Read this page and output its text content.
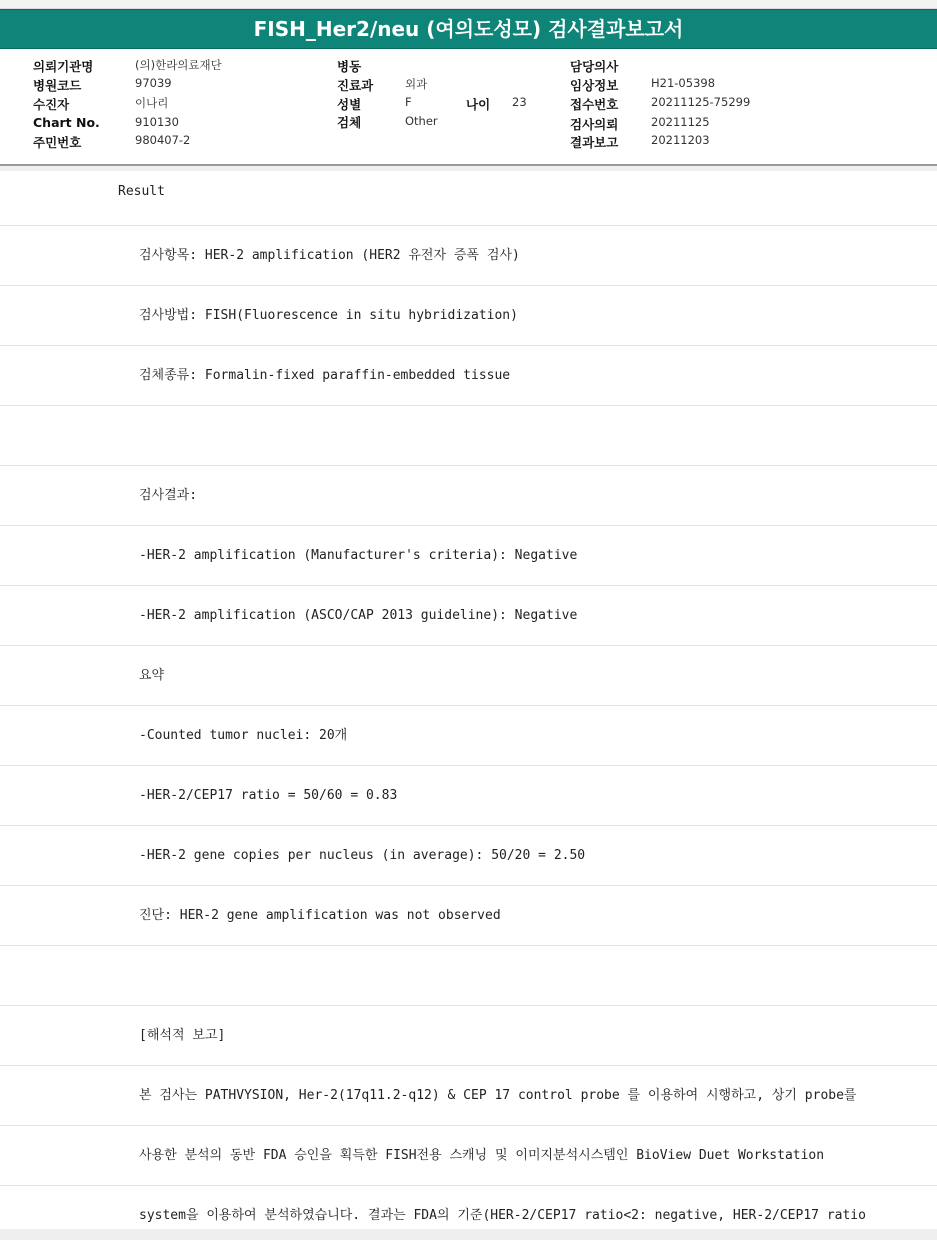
FISH_Her2/neu (여의도성모) 검사결과보고서
의뢰기관명	(의)한라의료재단
병원코드	97039
수진자	이나리
Chart No.	910130
주민번호	980407-2
병동
진료과	외과
성별	F	나이 23
검체	Other
담당의사
임상정보	H21-05398
접수번호	20211125-75299
검사의뢰	20211125
결과보고	20211203
Result
검사항목: HER-2 amplification (HER2 유전자 증폭 검사)
검사방법: FISH(Fluorescence in situ hybridization)
검체종류: Formalin-fixed paraffin-embedded tissue
검사결과:
-HER-2 amplification (Manufacturer's criteria): Negative
-HER-2 amplification (ASCO/CAP 2013 guideline): Negative
요약
-Counted tumor nuclei: 20개
-HER-2/CEP17 ratio = 50/60 = 0.83
-HER-2 gene copies per nucleus (in average): 50/20 = 2.50
진단: HER-2 gene amplification was not observed
[해석적 보고]
본 검사는 PATHVYSION, Her-2(17q11.2-q12) & CEP 17 control probe 를 이용하여 시행하고, 상기 probe를
사용한 분석의 동반 FDA 승인을 획득한 FISH전용 스캐닝 및 이미지분석시스템인 BioView Duet Workstation
system을 이용하여 분석하였습니다. 결과는 FDA의 기준(HER-2/CEP17 ratio<2: negative, HER-2/CEP17 ratio
